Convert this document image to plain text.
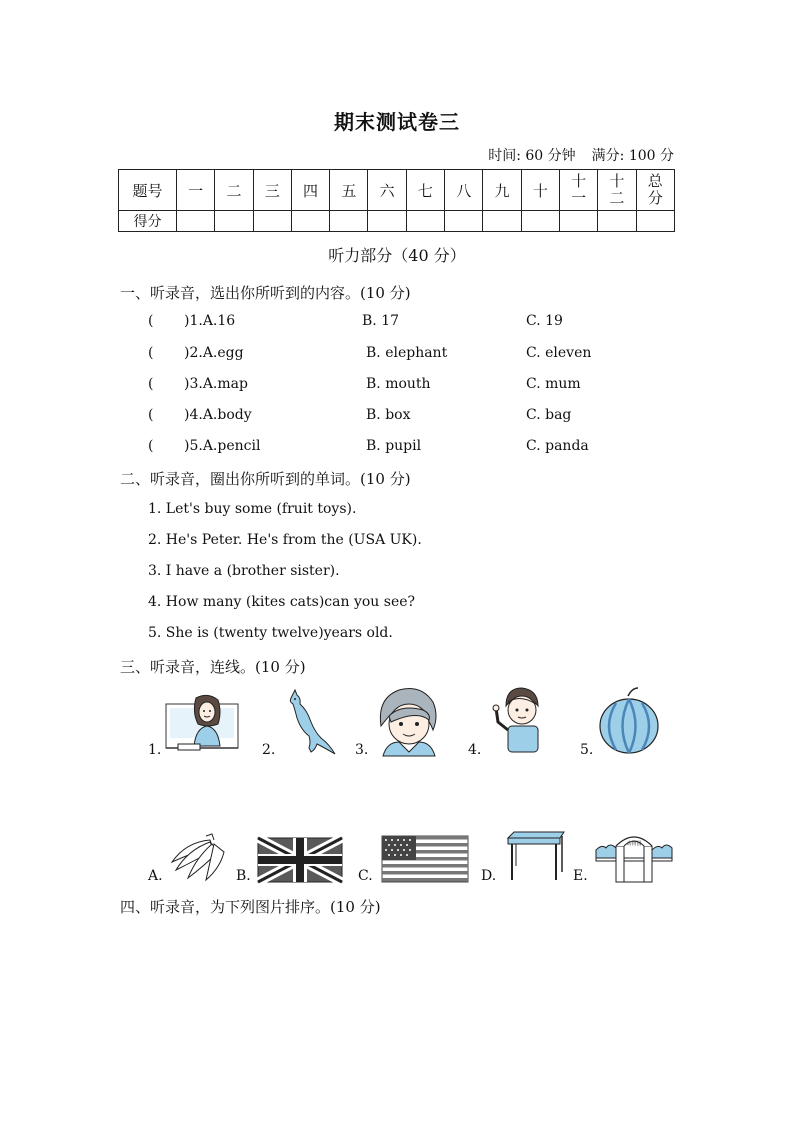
期末测试卷三
时间: 60 分钟 满分: 100 分
题号	一	二	三	四	五	六	七	八	九	十	十一	十二	总分
得分													
听力部分（40 分）
一、听录音，选出你所听到的内容。(10 分)
( )1.A.16	B. 17	C. 19
( )2.A.egg	B. elephant	C. eleven
( )3.A.map	B. mouth	C. mum
( )4.A.body	B. box	C. bag
( )5.A.pencil	B. pupil	C. panda
二、听录音，圈出你所听到的单词。(10 分)
1. Let's buy some (fruit toys).
2. He's Peter. He's from the (USA UK).
3. I have a (brother sister).
4. How many (kites cats)can you see?
5. She is (twenty twelve)years old.
三、听录音，连线。(10 分)
1.	2.	3.	4.	5.
A.	B.	C.	D.	E.
动物园
四、听录音，为下列图片排序。(10 分)
